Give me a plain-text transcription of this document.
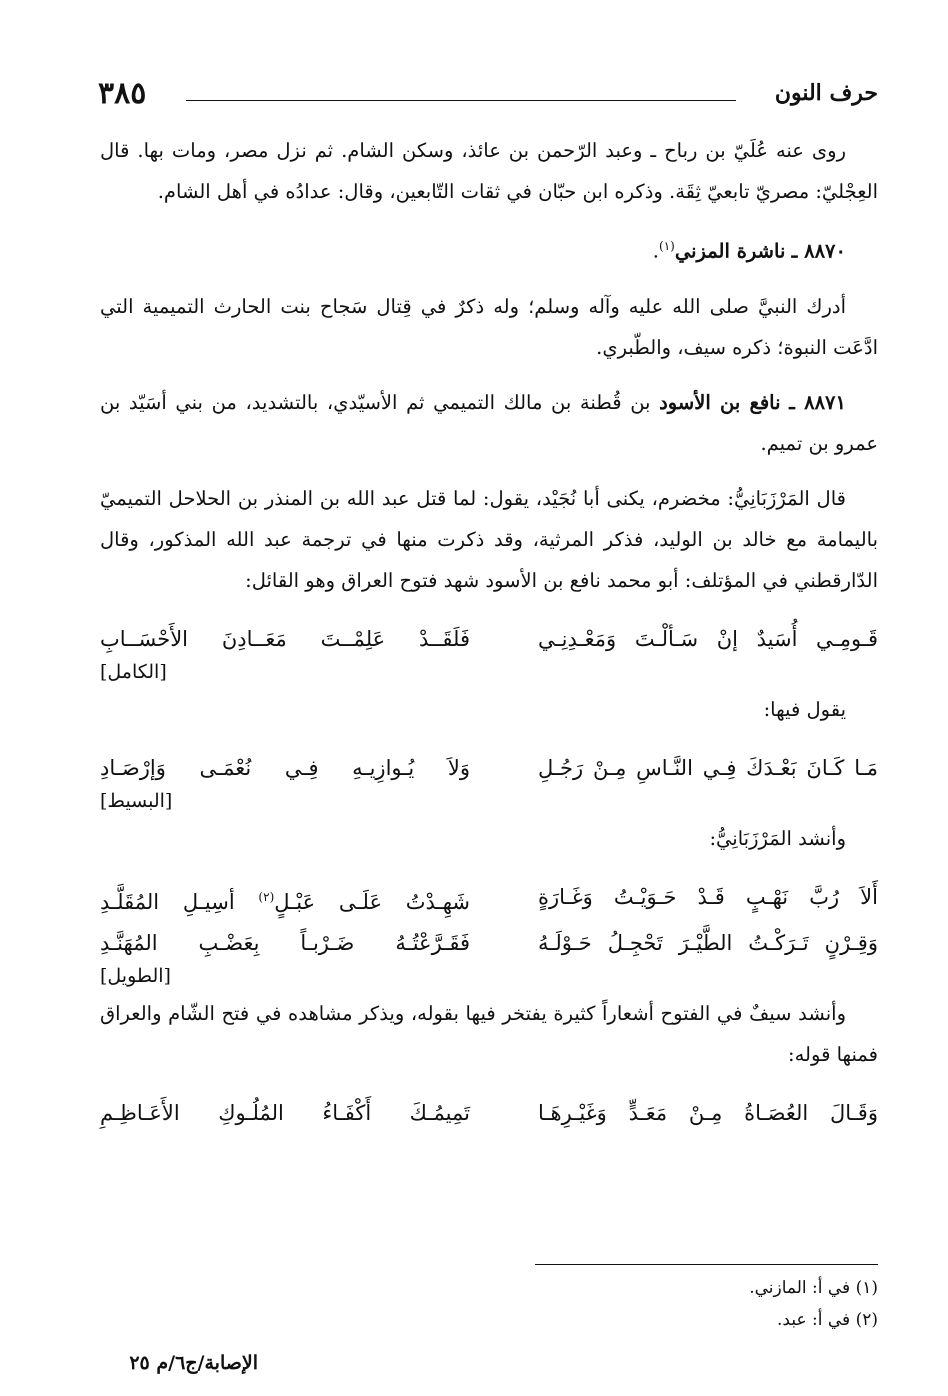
حرف النون
٣٨٥

روى عنه عُلَيّ بن رباح ـ وعبد الرّحمن بن عائذ، وسكن الشام. ثم نزل مصر، ومات بها. قال العِجْليّ: مصريّ تابعيّ ثِقَة. وذكره ابن حبّان في ثقات التّابعين، وقال: عدادُه في أهل الشام.

٨٨٧٠ ـ ناشرة المزني$^{(١)}$.

أدرك النبيَّ صلى الله عليه وآله وسلم؛ وله ذكرٌ في قِتال سَجاح بنت الحارث التميمية التي ادَّعَت النبوة؛ ذكره سيف، والطّبري.

٨٨٧١ ـ نافع بن الأسود بن قُطنة بن مالك التميمي ثم الأسيّدي، بالتشديد، من بني أسَيّد بن عمرو بن تميم.

قال المَرْزَبَانِيُّ: مخضرم، يكنى أبا نُجَيْد، يقول: لما قتل عبد الله بن المنذر بن الحلاحل التميميّ باليمامة مع خالد بن الوليد، فذكر المرثية، وقد ذكرت منها في ترجمة عبد الله المذكور، وقال الدّارقطني في المؤتلف: أبو محمد نافع بن الأسود شهد فتوح العراق وهو القائل:

قَـومِـي أُسَيدٌ إنْ سَـألْـتَ وَمَعْـدِنِـي
فَلَقَــدْ عَلِمْــتَ مَعَــادِنَ الأَحْسَــابِ
[الكامل]

يقول فيها:

مَـا كَـانَ بَعْـدَكَ فِـي النَّـاسِ مِـنْ رَجُـلِ
وَلاَ يُـوازِيـهِ فِـي نُعْمَـى وَإرْصَـادِ
[البسيط]

وأنشد المَرْزَبَانِيُّ:

أَلاَ رُبَّ نَهْـبٍ قَـدْ حَـوَيْـتُ وَغَـارَةٍ
شَهِـدْتُ عَلَـى عَبْـلٍ$^{(٢)}$ أسِيـلِ المُقَلَّـدِ
وَقِـرْنٍ تَـرَكْـتُ الطَّيْـرَ تَحْجِـلُ حَـوْلَـهُ
فَقَـرَّعْتُـهُ ضَـرْبـاً بِعَضْـبِ المُهَنَّـدِ
[الطويل]

وأنشد سيفٌ في الفتوح أشعاراً كثيرة يفتخر فيها بقوله، ويذكر مشاهده في فتح الشّام والعراق فمنها قوله:

وَقَـالَ العُصَـاةُ مِـنْ مَعَـدٍّ وَغَيْـرِهَـا
تَمِيمُـكَ أَكْفَـاءُ المُلُـوكِ الأَعَـاظِـمِ
(١) في أ: المازني.
(٢) في أ: عبد.
الإصابة/ج٦/م ٢٥
